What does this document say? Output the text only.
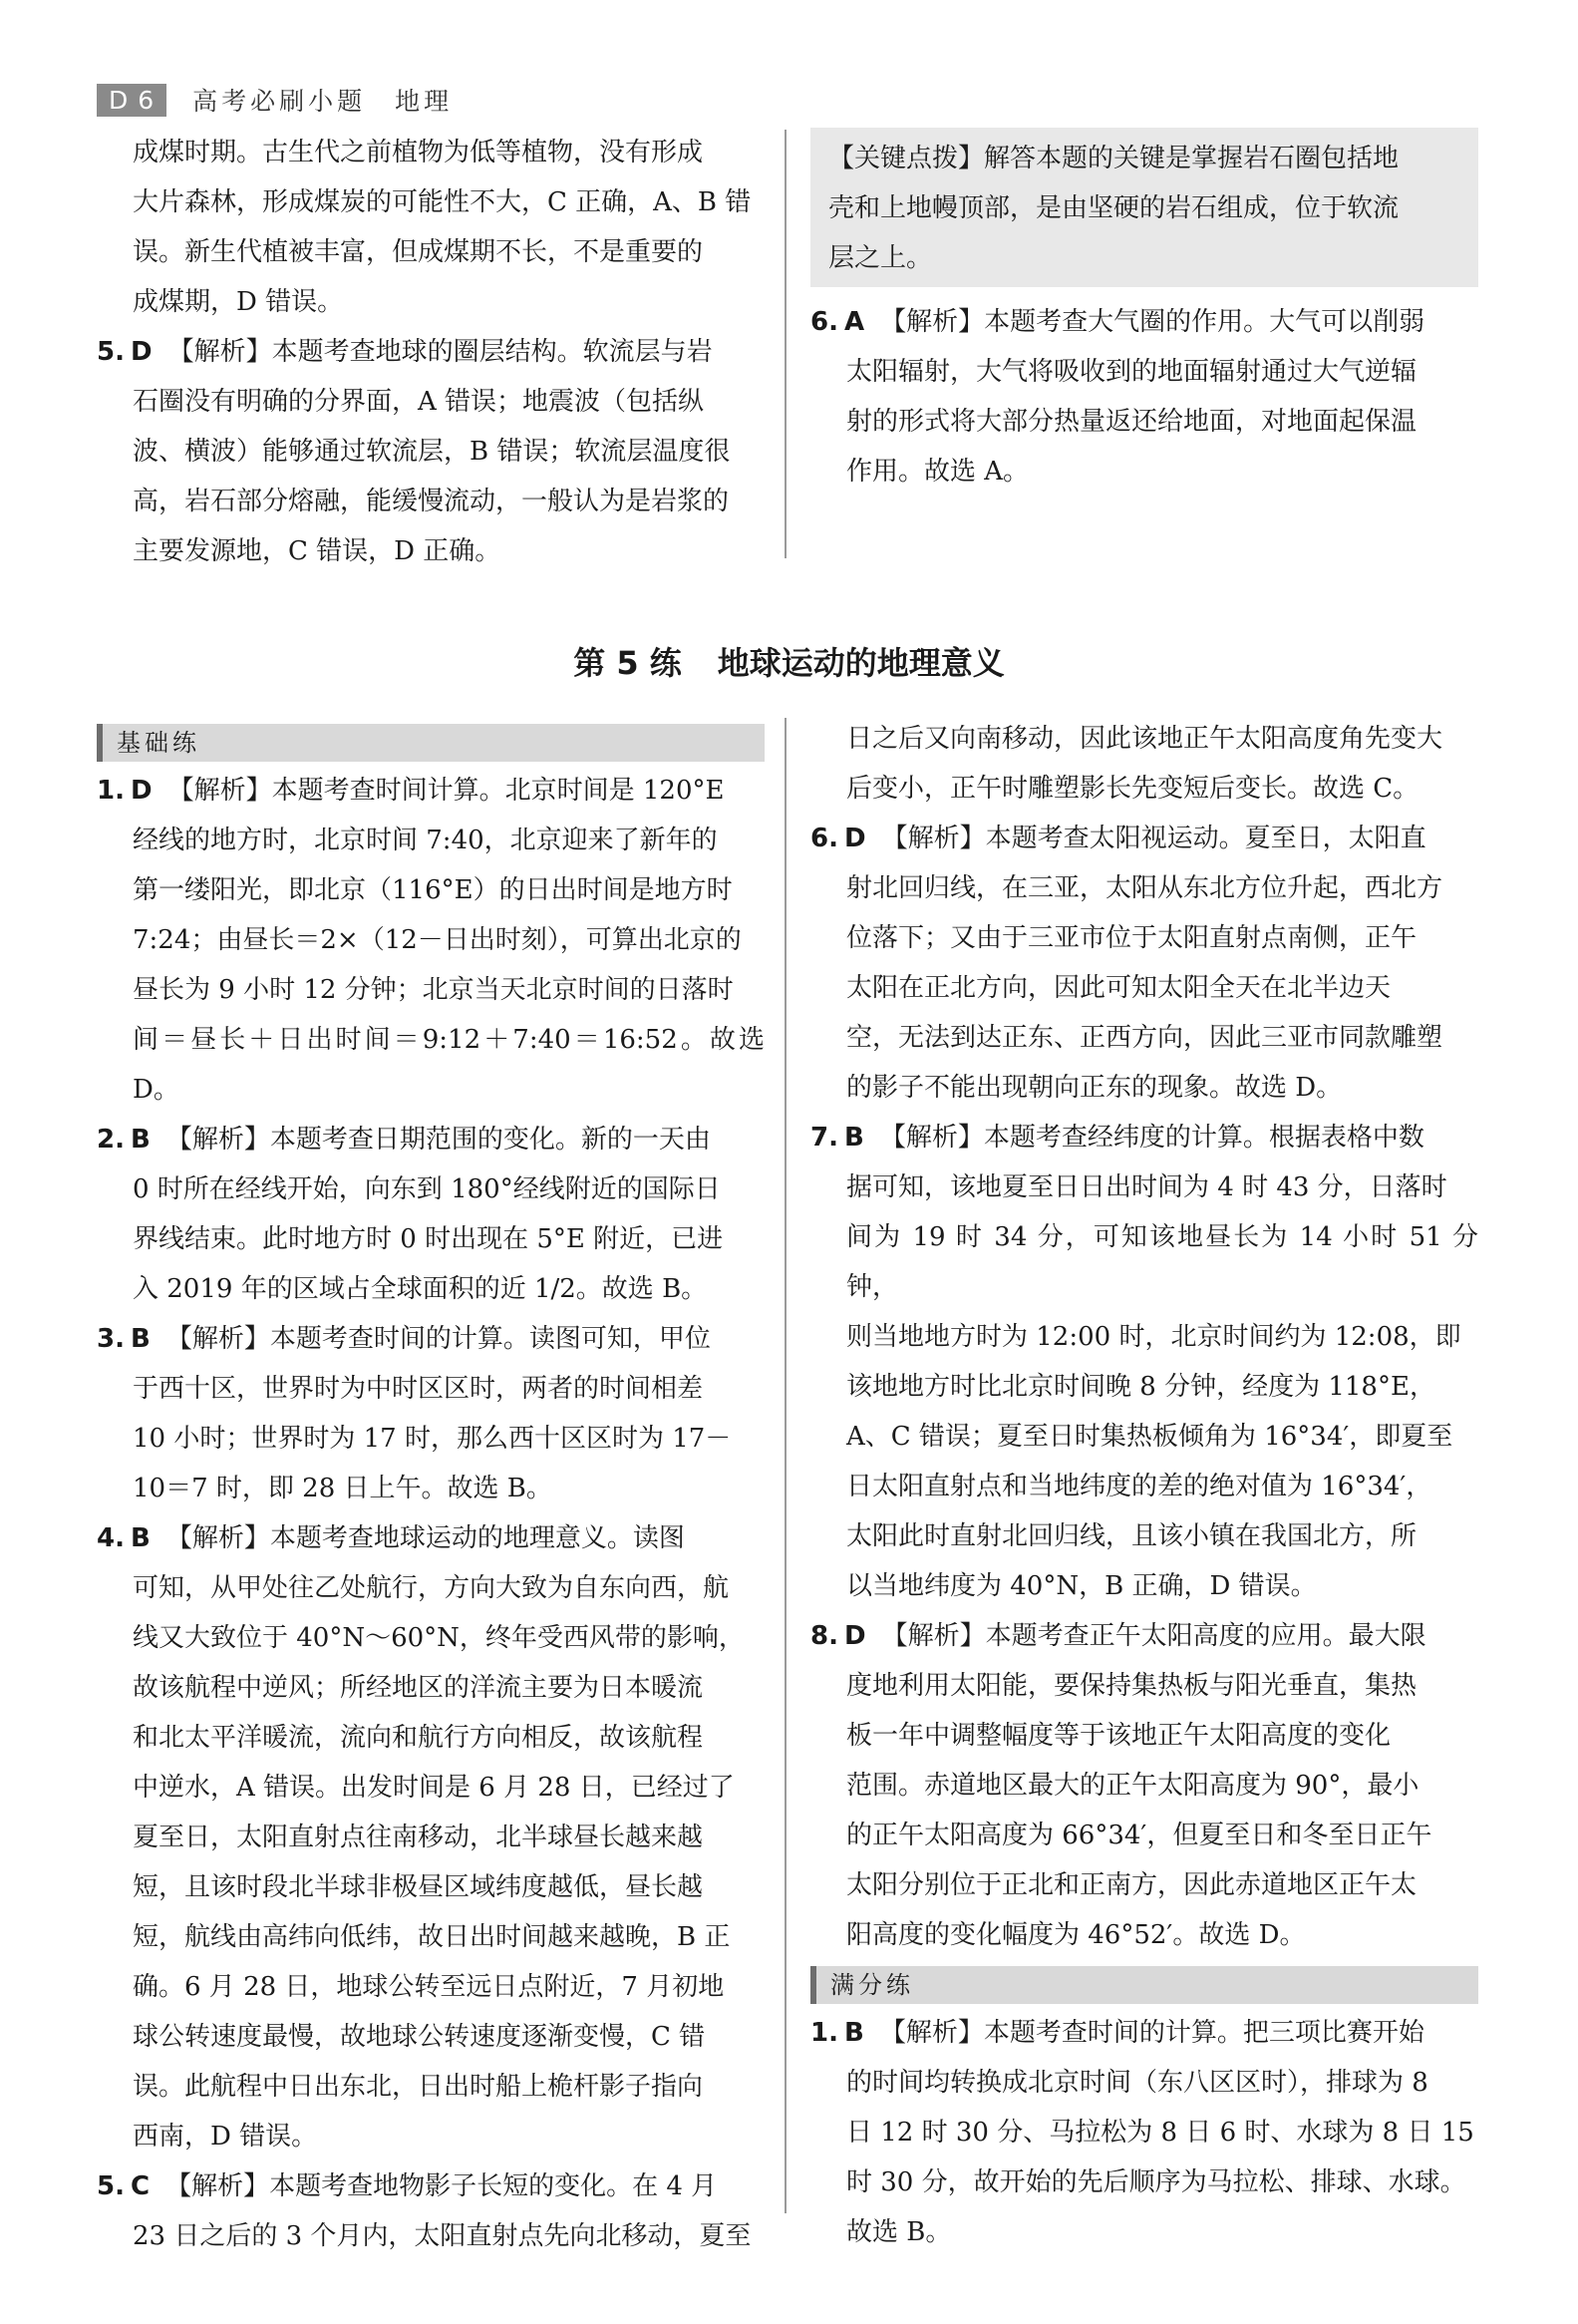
D 6	高考必刷小题　地理
成煤时期。古生代之前植物为低等植物，没有形成
大片森林，形成煤炭的可能性不大，C 正确，A、B 错
误。新生代植被丰富，但成煤期不长，不是重要的
成煤期，D 错误。
5. D 【解析】本题考查地球的圈层结构。软流层与岩
石圈没有明确的分界面，A 错误；地震波（包括纵
波、横波）能够通过软流层，B 错误；软流层温度很
高，岩石部分熔融，能缓慢流动，一般认为是岩浆的
主要发源地，C 错误，D 正确。
【关键点拨】解答本题的关键是掌握岩石圈包括地
壳和上地幔顶部，是由坚硬的岩石组成，位于软流
层之上。
6. A 【解析】本题考查大气圈的作用。大气可以削弱
太阳辐射，大气将吸收到的地面辐射通过大气逆辐
射的形式将大部分热量返还给地面，对地面起保温
作用。故选 A。
第 5 练 地球运动的地理意义
基础练
1. D 【解析】本题考查时间计算。北京时间是 120°E
经线的地方时，北京时间 7:40，北京迎来了新年的
第一缕阳光，即北京（116°E）的日出时间是地方时
7:24；由昼长＝2×（12－日出时刻），可算出北京的
昼长为 9 小时 12 分钟；北京当天北京时间的日落时
间＝昼长＋日出时间＝9:12＋7:40＝16:52。故选 D。
2. B 【解析】本题考查日期范围的变化。新的一天由
0 时所在经线开始，向东到 180°经线附近的国际日
界线结束。此时地方时 0 时出现在 5°E 附近，已进
入 2019 年的区域占全球面积的近 1/2。故选 B。
3. B 【解析】本题考查时间的计算。读图可知，甲位
于西十区，世界时为中时区区时，两者的时间相差
10 小时；世界时为 17 时，那么西十区区时为 17－
10＝7 时，即 28 日上午。故选 B。
4. B 【解析】本题考查地球运动的地理意义。读图
可知，从甲处往乙处航行，方向大致为自东向西，航
线又大致位于 40°N～60°N，终年受西风带的影响，
故该航程中逆风；所经地区的洋流主要为日本暖流
和北太平洋暖流，流向和航行方向相反，故该航程
中逆水，A 错误。出发时间是 6 月 28 日，已经过了
夏至日，太阳直射点往南移动，北半球昼长越来越
短，且该时段北半球非极昼区域纬度越低，昼长越
短，航线由高纬向低纬，故日出时间越来越晚，B 正
确。6 月 28 日，地球公转至远日点附近，7 月初地
球公转速度最慢，故地球公转速度逐渐变慢，C 错
误。此航程中日出东北，日出时船上桅杆影子指向
西南，D 错误。
5. C 【解析】本题考查地物影子长短的变化。在 4 月
23 日之后的 3 个月内，太阳直射点先向北移动，夏至
日之后又向南移动，因此该地正午太阳高度角先变大
后变小，正午时雕塑影长先变短后变长。故选 C。
6. D 【解析】本题考查太阳视运动。夏至日，太阳直
射北回归线，在三亚，太阳从东北方位升起，西北方
位落下；又由于三亚市位于太阳直射点南侧，正午
太阳在正北方向，因此可知太阳全天在北半边天
空，无法到达正东、正西方向，因此三亚市同款雕塑
的影子不能出现朝向正东的现象。故选 D。
7. B 【解析】本题考查经纬度的计算。根据表格中数
据可知，该地夏至日日出时间为 4 时 43 分，日落时
间为 19 时 34 分，可知该地昼长为 14 小时 51 分钟，
则当地地方时为 12:00 时，北京时间约为 12:08，即
该地地方时比北京时间晚 8 分钟，经度为 118°E，
A、C 错误；夏至日时集热板倾角为 16°34′，即夏至
日太阳直射点和当地纬度的差的绝对值为 16°34′，
太阳此时直射北回归线，且该小镇在我国北方，所
以当地纬度为 40°N，B 正确，D 错误。
8. D 【解析】本题考查正午太阳高度的应用。最大限
度地利用太阳能，要保持集热板与阳光垂直，集热
板一年中调整幅度等于该地正午太阳高度的变化
范围。赤道地区最大的正午太阳高度为 90°，最小
的正午太阳高度为 66°34′，但夏至日和冬至日正午
太阳分别位于正北和正南方，因此赤道地区正午太
阳高度的变化幅度为 46°52′。故选 D。
满分练
1. B 【解析】本题考查时间的计算。把三项比赛开始
的时间均转换成北京时间（东八区区时），排球为 8
日 12 时 30 分、马拉松为 8 日 6 时、水球为 8 日 15
时 30 分，故开始的先后顺序为马拉松、排球、水球。
故选 B。
